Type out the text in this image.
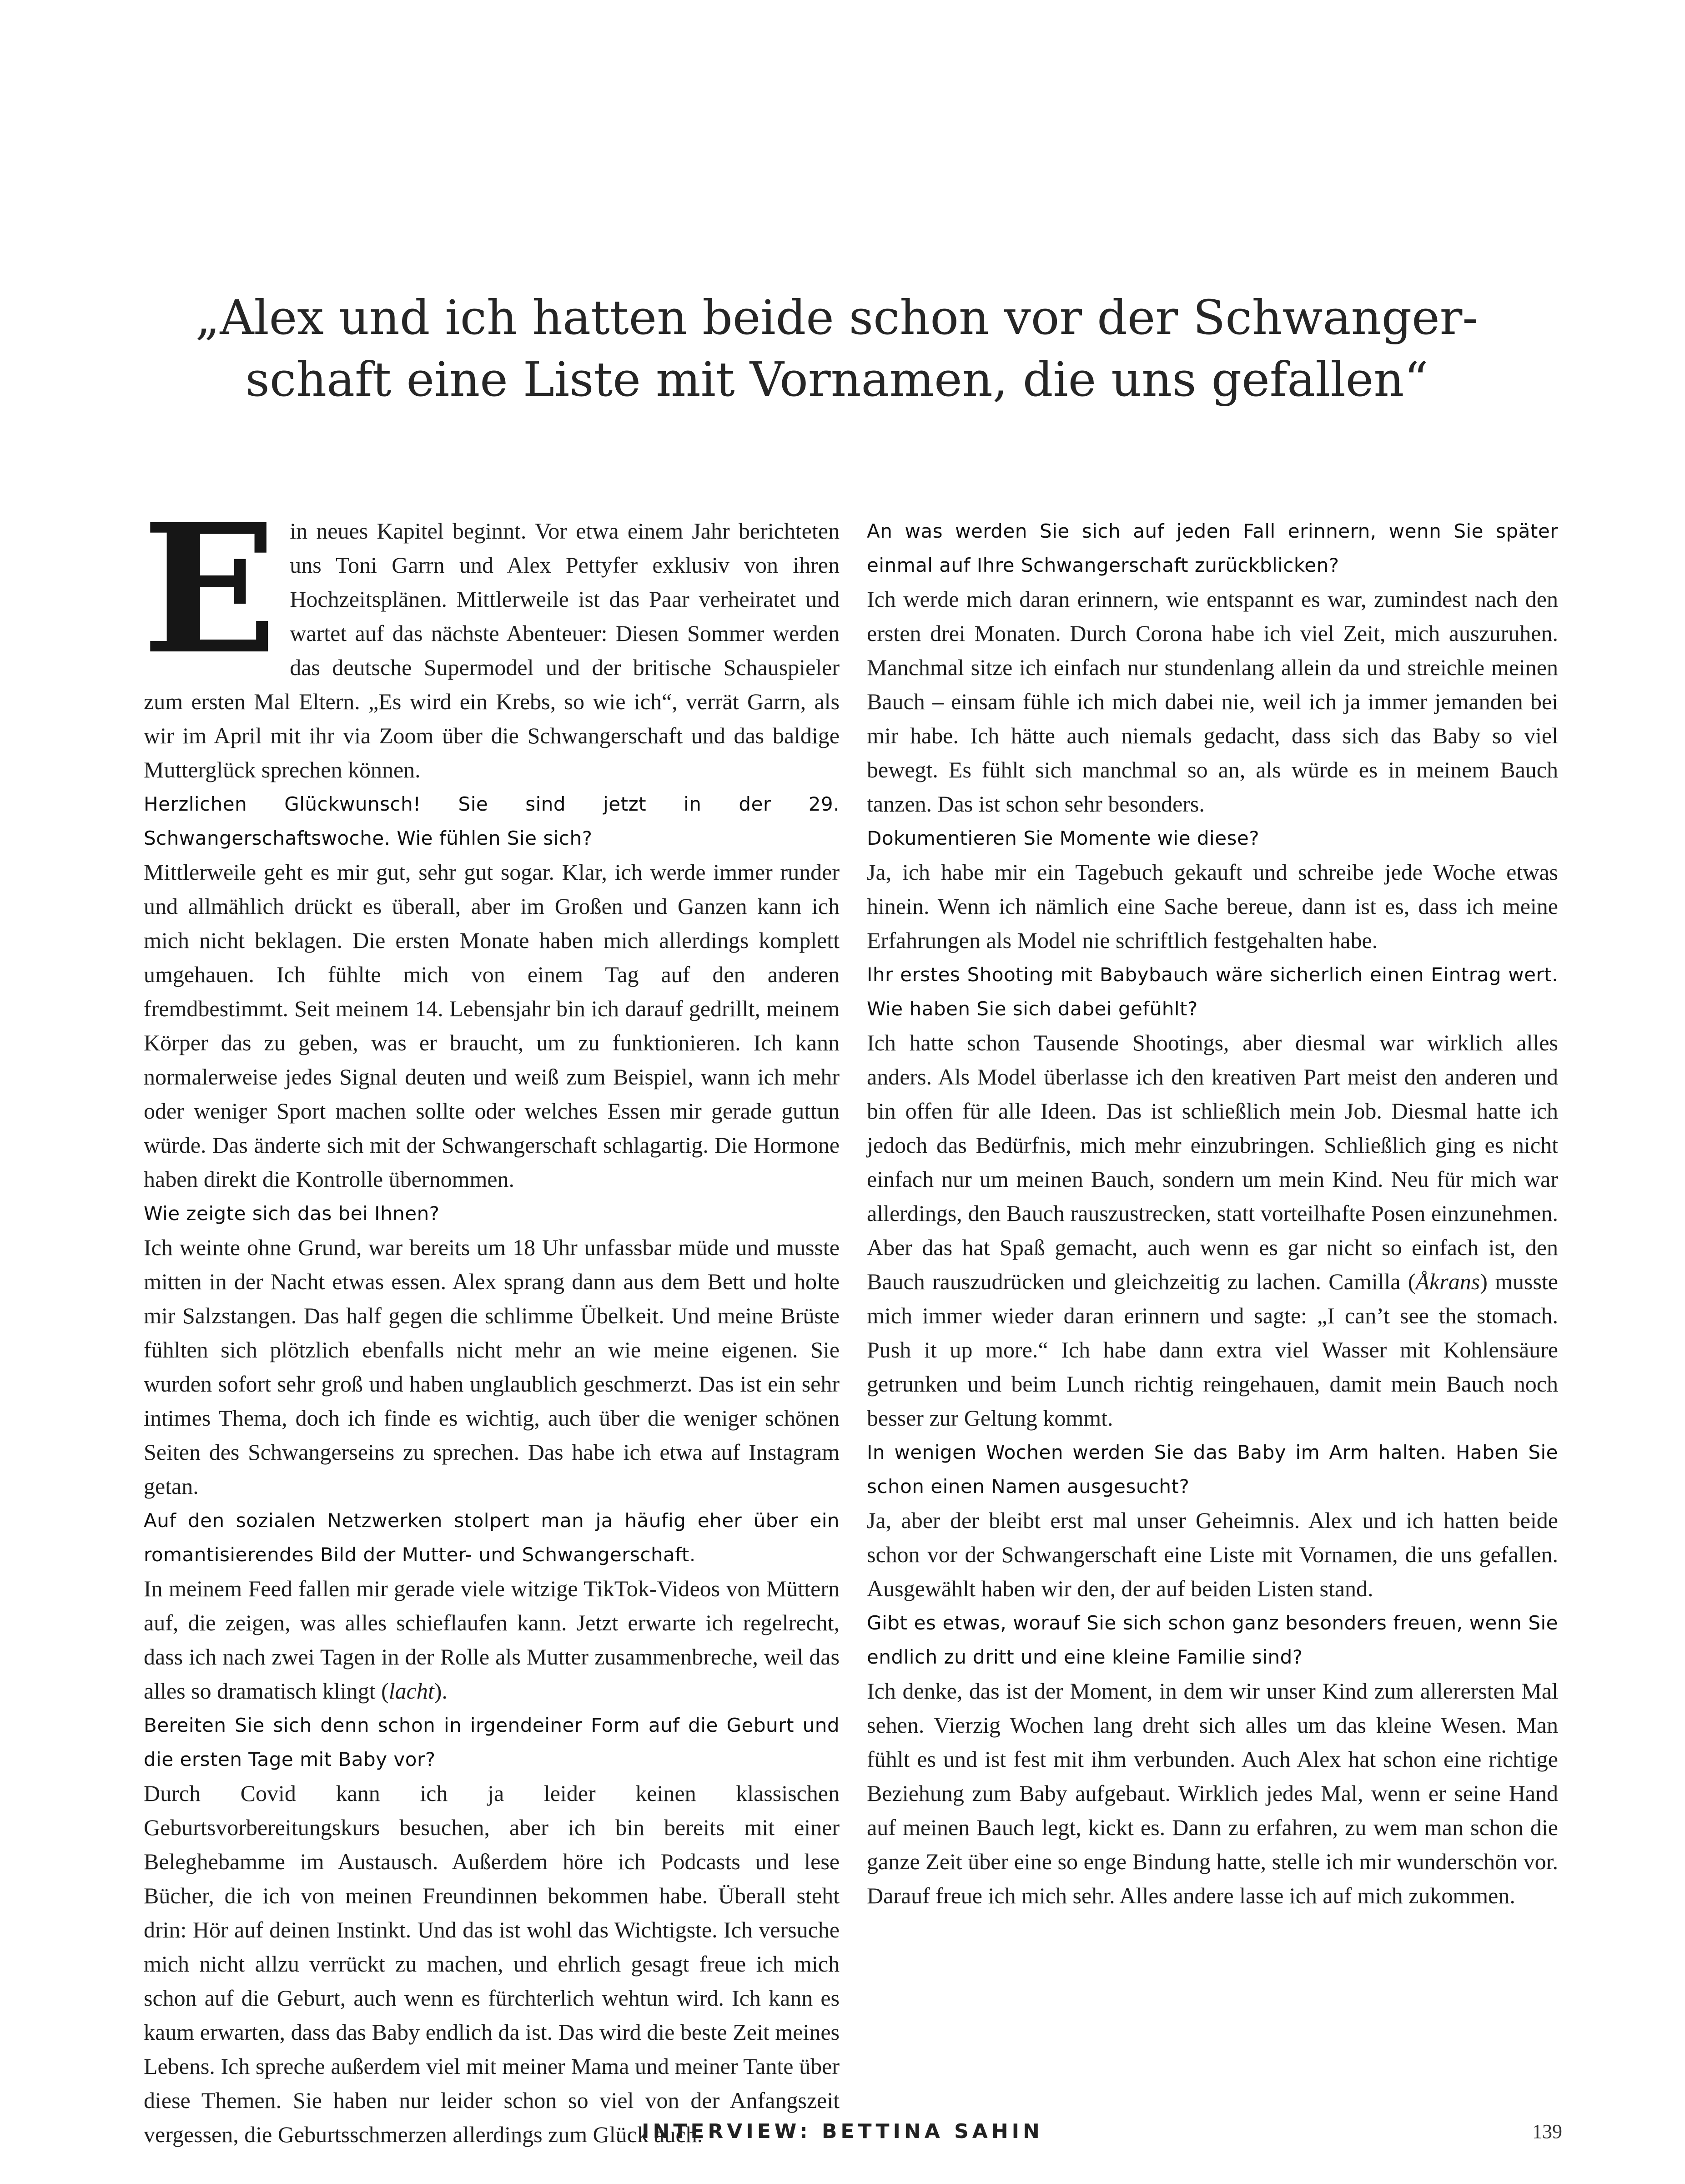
„Alex und ich hatten beide schon vor der Schwanger-
schaft eine Liste mit Vornamen, die uns gefallen“

Ein neues Kapitel beginnt. Vor etwa einem Jahr berichteten uns Toni Garrn und Alex Pettyfer exklusiv von ihren Hochzeitsplänen. Mittlerweile ist das Paar verheiratet und wartet auf das nächste Abenteuer: Diesen Sommer werden das deutsche Supermodel und der britische Schauspieler zum ersten Mal Eltern. „Es wird ein Krebs, so wie ich“, verrät Garrn, als wir im April mit ihr via Zoom über die Schwangerschaft und das baldige Mutterglück sprechen können.

Herzlichen Glückwunsch! Sie sind jetzt in der 29. Schwangerschaftswoche. Wie fühlen Sie sich?

Mittlerweile geht es mir gut, sehr gut sogar. Klar, ich werde immer runder und allmählich drückt es überall, aber im Großen und Ganzen kann ich mich nicht beklagen. Die ersten Monate haben mich allerdings komplett umgehauen. Ich fühlte mich von einem Tag auf den anderen fremdbestimmt. Seit meinem 14. Lebensjahr bin ich darauf gedrillt, meinem Körper das zu geben, was er braucht, um zu funktionieren. Ich kann normalerweise jedes Signal deuten und weiß zum Beispiel, wann ich mehr oder weniger Sport machen sollte oder welches Essen mir gerade guttun würde. Das änderte sich mit der Schwangerschaft schlagartig. Die Hormone haben direkt die Kontrolle übernommen.

Wie zeigte sich das bei Ihnen?

Ich weinte ohne Grund, war bereits um 18 Uhr unfassbar müde und musste mitten in der Nacht etwas essen. Alex sprang dann aus dem Bett und holte mir Salzstangen. Das half gegen die schlimme Übelkeit. Und meine Brüste fühlten sich plötzlich ebenfalls nicht mehr an wie meine eigenen. Sie wurden sofort sehr groß und haben unglaublich geschmerzt. Das ist ein sehr intimes Thema, doch ich finde es wichtig, auch über die weniger schönen Seiten des Schwangerseins zu sprechen. Das habe ich etwa auf Instagram getan.

Auf den sozialen Netzwerken stolpert man ja häufig eher über ein romantisierendes Bild der Mutter- und Schwangerschaft.

In meinem Feed fallen mir gerade viele witzige TikTok-Videos von Müttern auf, die zeigen, was alles schieflaufen kann. Jetzt erwarte ich regelrecht, dass ich nach zwei Tagen in der Rolle als Mutter zusammenbreche, weil das alles so dramatisch klingt (lacht).

Bereiten Sie sich denn schon in irgendeiner Form auf die Geburt und die ersten Tage mit Baby vor?

Durch Covid kann ich ja leider keinen klassischen Geburtsvorbereitungskurs besuchen, aber ich bin bereits mit einer Beleghebamme im Austausch. Außerdem höre ich Podcasts und lese Bücher, die ich von meinen Freundinnen bekommen habe. Überall steht drin: Hör auf deinen Instinkt. Und das ist wohl das Wichtigste. Ich versuche mich nicht allzu verrückt zu machen, und ehrlich gesagt freue ich mich schon auf die Geburt, auch wenn es fürchterlich wehtun wird. Ich kann es kaum erwarten, dass das Baby endlich da ist. Das wird die beste Zeit meines Lebens. Ich spreche außerdem viel mit meiner Mama und meiner Tante über diese Themen. Sie haben nur leider schon so viel von der Anfangszeit vergessen, die Geburtsschmerzen allerdings zum Glück auch.

An was werden Sie sich auf jeden Fall erinnern, wenn Sie später einmal auf Ihre Schwangerschaft zurückblicken?

Ich werde mich daran erinnern, wie entspannt es war, zumindest nach den ersten drei Monaten. Durch Corona habe ich viel Zeit, mich auszuruhen. Manchmal sitze ich einfach nur stundenlang allein da und streichle meinen Bauch – einsam fühle ich mich dabei nie, weil ich ja immer jemanden bei mir habe. Ich hätte auch niemals gedacht, dass sich das Baby so viel bewegt. Es fühlt sich manchmal so an, als würde es in meinem Bauch tanzen. Das ist schon sehr besonders.

Dokumentieren Sie Momente wie diese?

Ja, ich habe mir ein Tagebuch gekauft und schreibe jede Woche etwas hinein. Wenn ich nämlich eine Sache bereue, dann ist es, dass ich meine Erfahrungen als Model nie schriftlich festgehalten habe.

Ihr erstes Shooting mit Babybauch wäre sicherlich einen Eintrag wert. Wie haben Sie sich dabei gefühlt?

Ich hatte schon Tausende Shootings, aber diesmal war wirklich alles anders. Als Model überlasse ich den kreativen Part meist den anderen und bin offen für alle Ideen. Das ist schließlich mein Job. Diesmal hatte ich jedoch das Bedürfnis, mich mehr einzubringen. Schließlich ging es nicht einfach nur um meinen Bauch, sondern um mein Kind. Neu für mich war allerdings, den Bauch rauszustrecken, statt vorteilhafte Posen einzunehmen. Aber das hat Spaß gemacht, auch wenn es gar nicht so einfach ist, den Bauch rauszudrücken und gleichzeitig zu lachen. Camilla (Åkrans) musste mich immer wieder daran erinnern und sagte: „I can’t see the stomach. Push it up more.“ Ich habe dann extra viel Wasser mit Kohlensäure getrunken und beim Lunch richtig reingehauen, damit mein Bauch noch besser zur Geltung kommt.

In wenigen Wochen werden Sie das Baby im Arm halten. Haben Sie schon einen Namen ausgesucht?

Ja, aber der bleibt erst mal unser Geheimnis. Alex und ich hatten beide schon vor der Schwangerschaft eine Liste mit Vornamen, die uns gefallen. Ausgewählt haben wir den, der auf beiden Listen stand.

Gibt es etwas, worauf Sie sich schon ganz besonders freuen, wenn Sie endlich zu dritt und eine kleine Familie sind?

Ich denke, das ist der Moment, in dem wir unser Kind zum allerersten Mal sehen. Vierzig Wochen lang dreht sich alles um das kleine Wesen. Man fühlt es und ist fest mit ihm verbunden. Auch Alex hat schon eine richtige Beziehung zum Baby aufgebaut. Wirklich jedes Mal, wenn er seine Hand auf meinen Bauch legt, kickt es. Dann zu erfahren, zu wem man schon die ganze Zeit über eine so enge Bindung hatte, stelle ich mir wunderschön vor. Darauf freue ich mich sehr. Alles andere lasse ich auf mich zukommen.

INTERVIEW: BETTINA SAHIN	139
